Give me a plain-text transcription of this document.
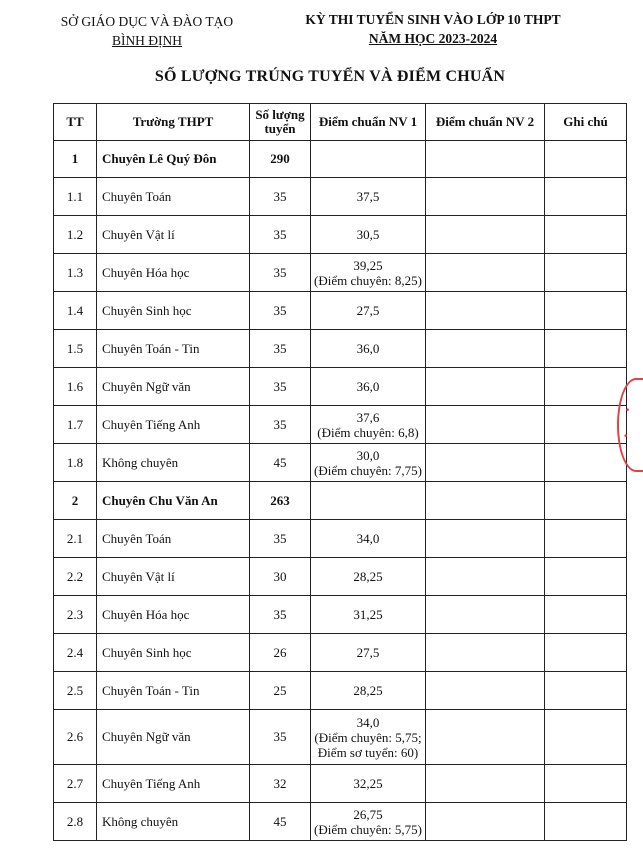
SỞ GIÁO DỤC VÀ ĐÀO TẠO
BÌNH ĐỊNH
KỲ THI TUYỂN SINH VÀO LỚP 10 THPT
NĂM HỌC 2023-2024
SỐ LƯỢNG TRÚNG TUYỂN VÀ ĐIỂM CHUẨN
TT	Trường THPT	Số lượng tuyển	Điểm chuẩn NV 1	Điểm chuẩn NV 2	Ghi chú
1	Chuyên Lê Quý Đôn	290			
1.1	Chuyên Toán	35	37,5		
1.2	Chuyên Vật lí	35	30,5		
1.3	Chuyên Hóa học	35	39,25
(Điểm chuyên: 8,25)		
1.4	Chuyên Sinh học	35	27,5		
1.5	Chuyên Toán - Tin	35	36,0		
1.6	Chuyên Ngữ văn	35	36,0		
1.7	Chuyên Tiếng Anh	35	37,6
(Điểm chuyên: 6,8)		
1.8	Không chuyên	45	30,0
(Điểm chuyên: 7,75)		
2	Chuyên Chu Văn An	263			
2.1	Chuyên Toán	35	34,0		
2.2	Chuyên Vật lí	30	28,25		
2.3	Chuyên Hóa học	35	31,25		
2.4	Chuyên Sinh học	26	27,5		
2.5	Chuyên Toán - Tin	25	28,25		
2.6	Chuyên Ngữ văn	35	34,0
(Điểm chuyên: 5,75;
Điểm sơ tuyển: 60)		
2.7	Chuyên Tiếng Anh	32	32,25		
2.8	Không chuyên	45	26,75
(Điểm chuyên: 5,75)		
•
•
